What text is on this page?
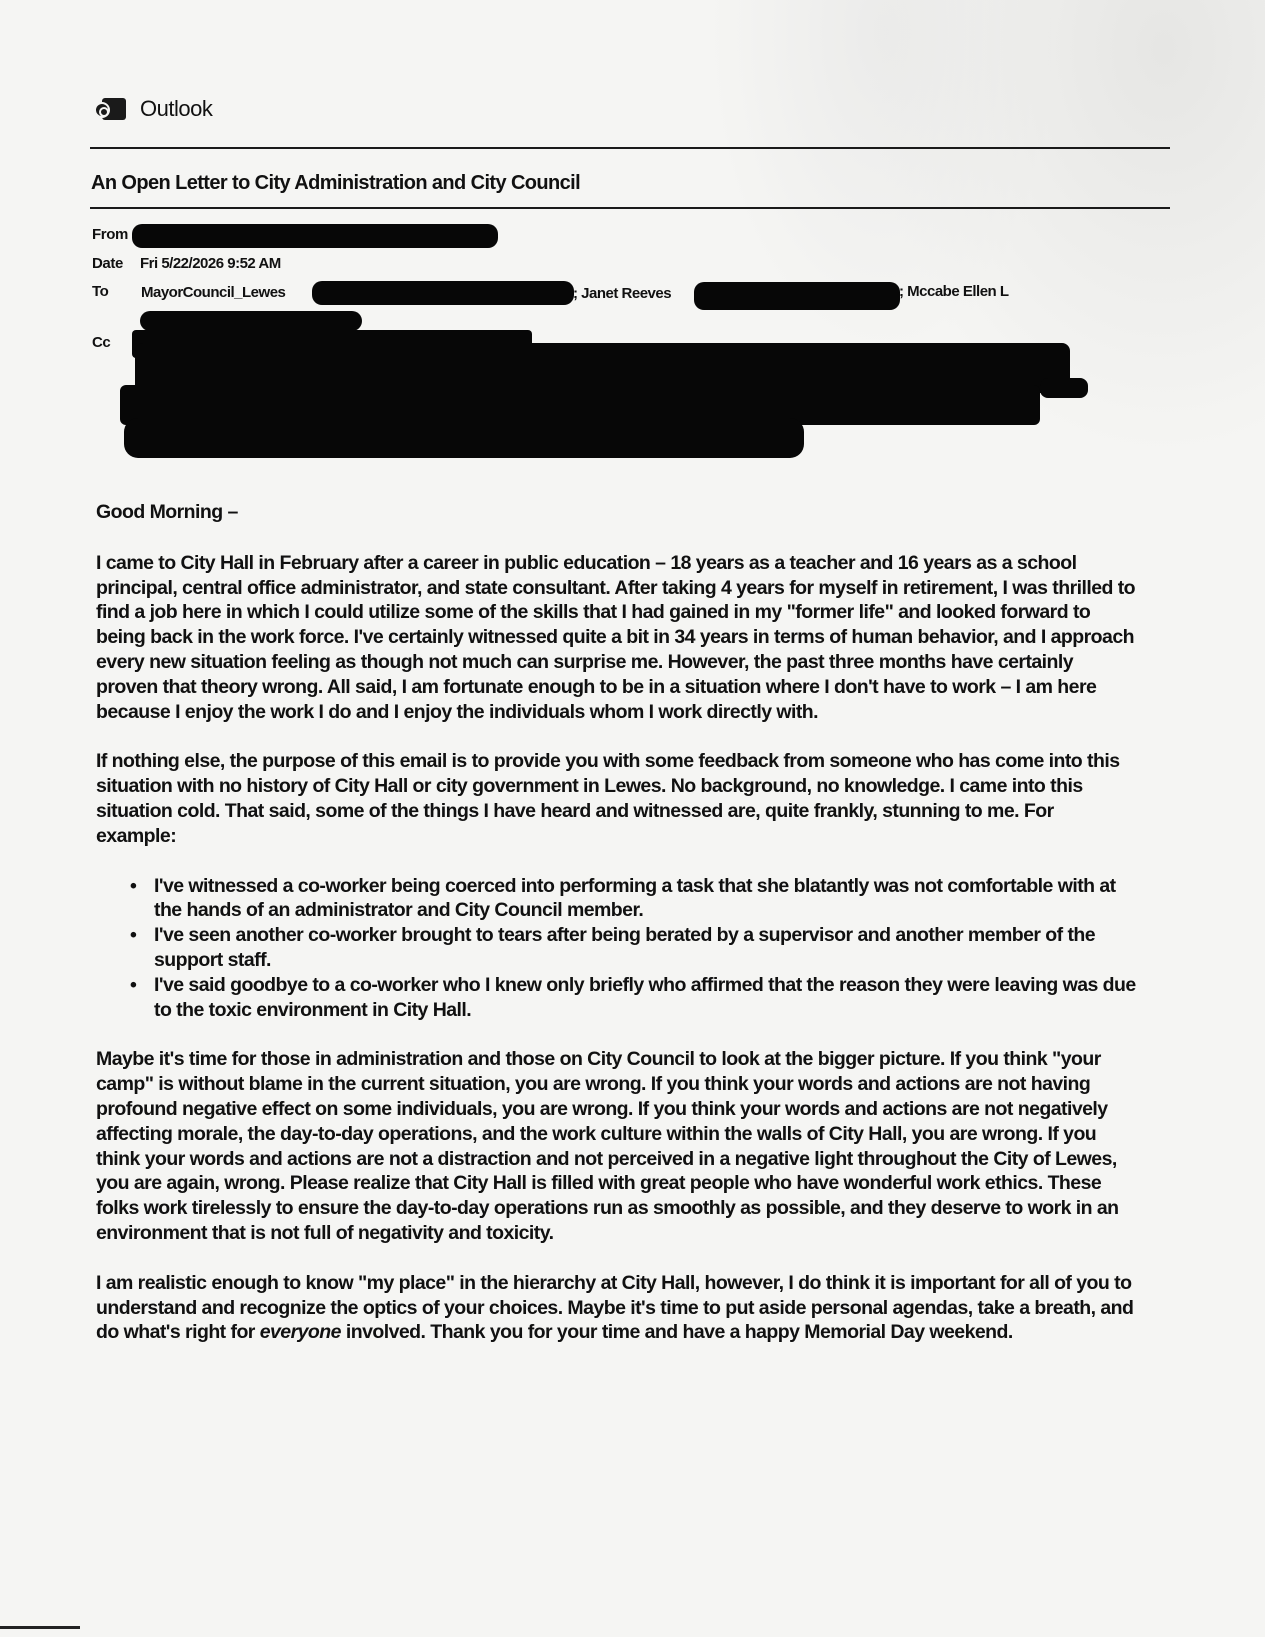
Outlook
An Open Letter to City Administration and City Council
From
Date Fri 5/22/2026 9:52 AM
To MayorCouncil_Lewes	; Janet Reeves	; Mccabe Ellen L
Cc

Good Morning –

I came to City Hall in February after a career in public education – 18 years as a teacher and 16 years as a school principal, central office administrator, and state consultant. After taking 4 years for myself in retirement, I was thrilled to find a job here in which I could utilize some of the skills that I had gained in my "former life" and looked forward to being back in the work force. I've certainly witnessed quite a bit in 34 years in terms of human behavior, and I approach every new situation feeling as though not much can surprise me. However, the past three months have certainly proven that theory wrong. All said, I am fortunate enough to be in a situation where I don't have to work – I am here because I enjoy the work I do and I enjoy the individuals whom I work directly with.

If nothing else, the purpose of this email is to provide you with some feedback from someone who has come into this situation with no history of City Hall or city government in Lewes. No background, no knowledge. I came into this situation cold. That said, some of the things I have heard and witnessed are, quite frankly, stunning to me. For example:

• I've witnessed a co-worker being coerced into performing a task that she blatantly was not comfortable with at the hands of an administrator and City Council member.
• I've seen another co-worker brought to tears after being berated by a supervisor and another member of the support staff.
• I've said goodbye to a co-worker who I knew only briefly who affirmed that the reason they were leaving was due to the toxic environment in City Hall.

Maybe it's time for those in administration and those on City Council to look at the bigger picture. If you think "your camp" is without blame in the current situation, you are wrong. If you think your words and actions are not having profound negative effect on some individuals, you are wrong. If you think your words and actions are not negatively affecting morale, the day-to-day operations, and the work culture within the walls of City Hall, you are wrong. If you think your words and actions are not a distraction and not perceived in a negative light throughout the City of Lewes, you are again, wrong. Please realize that City Hall is filled with great people who have wonderful work ethics. These folks work tirelessly to ensure the day-to-day operations run as smoothly as possible, and they deserve to work in an environment that is not full of negativity and toxicity.

I am realistic enough to know "my place" in the hierarchy at City Hall, however, I do think it is important for all of you to understand and recognize the optics of your choices. Maybe it's time to put aside personal agendas, take a breath, and do what's right for everyone involved. Thank you for your time and have a happy Memorial Day weekend.
